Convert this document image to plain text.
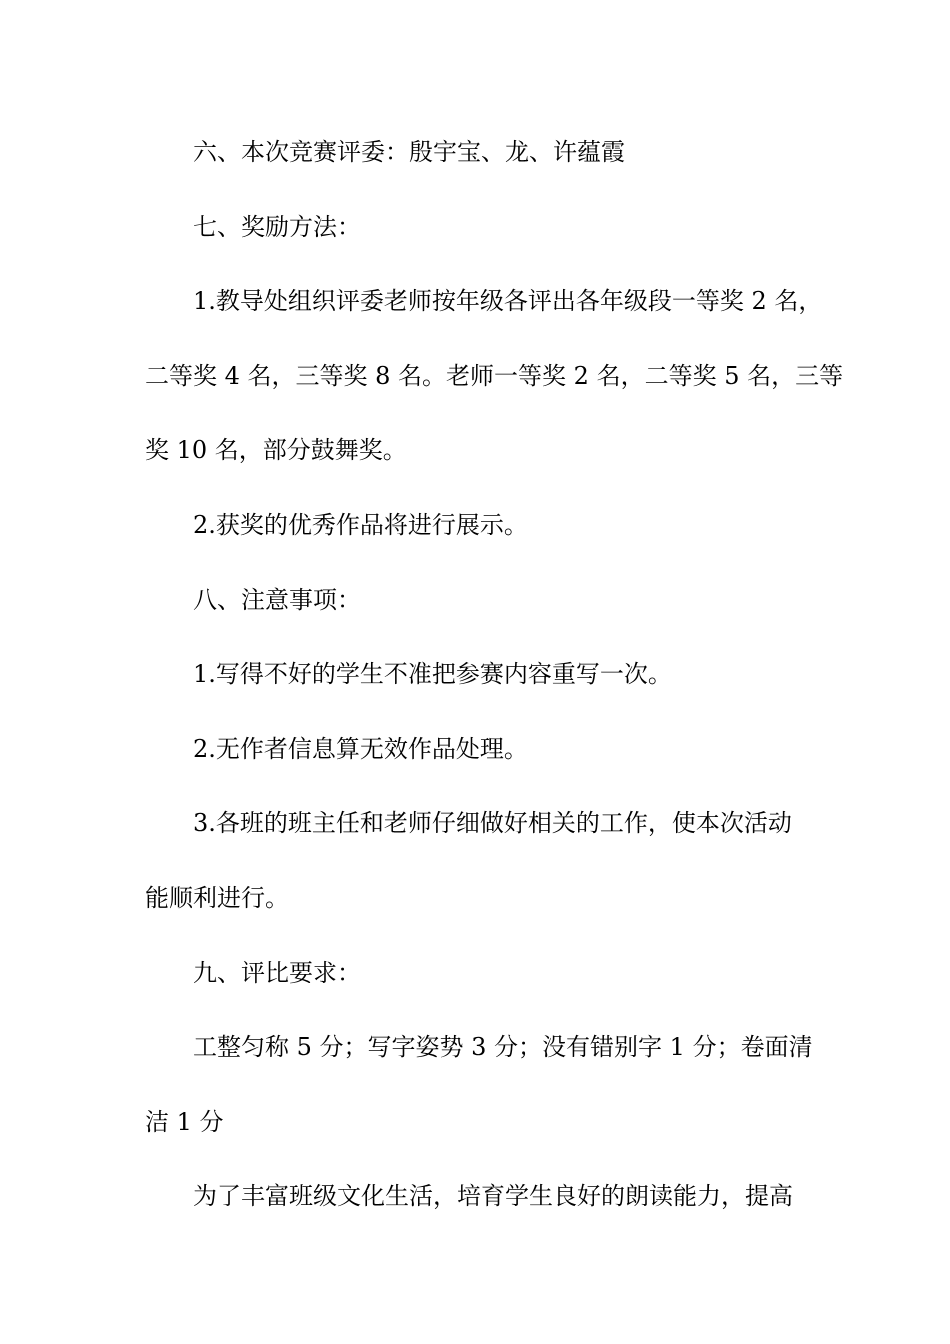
六、本次竞赛评委：殷宇宝、龙、许蕴霞
七、奖励方法：
1.教导处组织评委老师按年级各评出各年级段一等奖 2 名，
二等奖 4 名，三等奖 8 名。老师一等奖 2 名，二等奖 5 名，三等
奖 10 名，部分鼓舞奖。
2.获奖的优秀作品将进行展示。
八、注意事项：
1.写得不好的学生不准把参赛内容重写一次。
2.无作者信息算无效作品处理。
3.各班的班主任和老师仔细做好相关的工作，使本次活动
能顺利进行。
九、评比要求：
工整匀称 5 分；写字姿势 3 分；没有错别字 1 分；卷面清
洁 1 分
为了丰富班级文化生活，培育学生良好的朗读能力，提高
